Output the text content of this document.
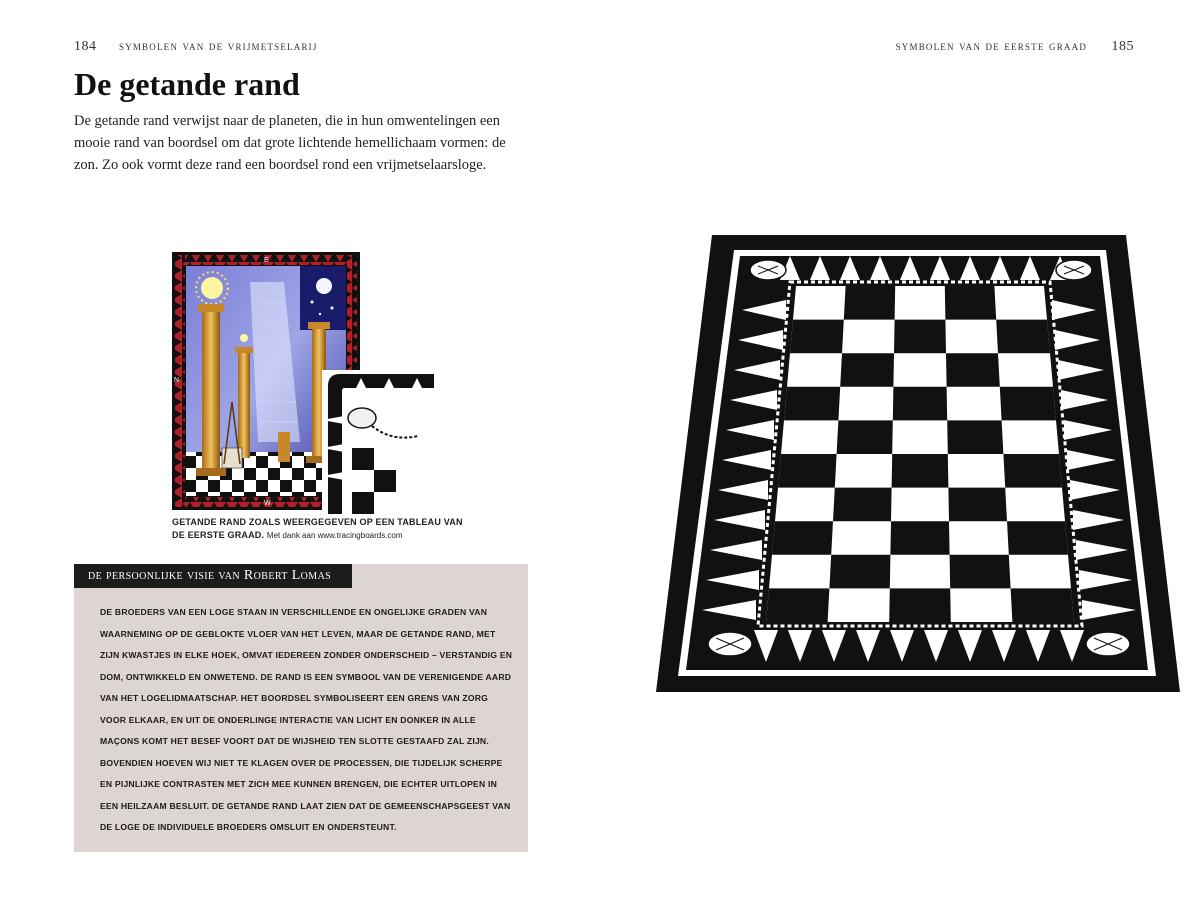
184 symbolen van de vrijmetselarij
De getande rand
De getande rand verwijst naar de planeten, die in hun omwentelingen een mooie rand van boordsel om dat grote lichtende hemellichaam vormen: de zon. Zo ook vormt deze rand een boordsel rond een vrijmetselaarsloge.
E
N
W
GETANDE RAND ZOALS WEERGEGEVEN OP EEN TABLEAU VAN DE EERSTE GRAAD. Met dank aan www.tracingboards.com
de persoonlijke visie van Robert Lomas
DE BROEDERS VAN EEN LOGE STAAN IN VERSCHILLENDE EN ONGELIJKE GRADEN VAN WAARNEMING OP DE GEBLOKTE VLOER VAN HET LEVEN, MAAR DE GETANDE RAND, MET ZIJN KWASTJES IN ELKE HOEK, OMVAT IEDEREEN ZONDER ONDERSCHEID – VERSTANDIG EN DOM, ONTWIKKELD EN ONWETEND. DE RAND IS EEN SYMBOOL VAN DE VERENIGENDE AARD VAN HET LOGELIDMAATSCHAP. HET BOORDSEL SYMBOLISEERT EEN GRENS VAN ZORG VOOR ELKAAR, EN UIT DE ONDERLINGE INTERACTIE VAN LICHT EN DONKER IN ALLE MAÇONS KOMT HET BESEF VOORT DAT DE WIJSHEID TEN SLOTTE GESTAAFD ZAL ZIJN. BOVENDIEN HOEVEN WIJ NIET TE KLAGEN OVER DE PROCESSEN, DIE TIJDELIJK SCHERPE EN PIJNLIJKE CONTRASTEN MET ZICH MEE KUNNEN BRENGEN, DIE ECHTER UITLOPEN IN EEN HEILZAAM BESLUIT. DE GETANDE RAND LAAT ZIEN DAT DE GEMEENSCHAPSGEEST VAN DE LOGE DE INDIVIDUELE BROEDERS OMSLUIT EN ONDERSTEUNT.
symbolen van de eerste graad 185
